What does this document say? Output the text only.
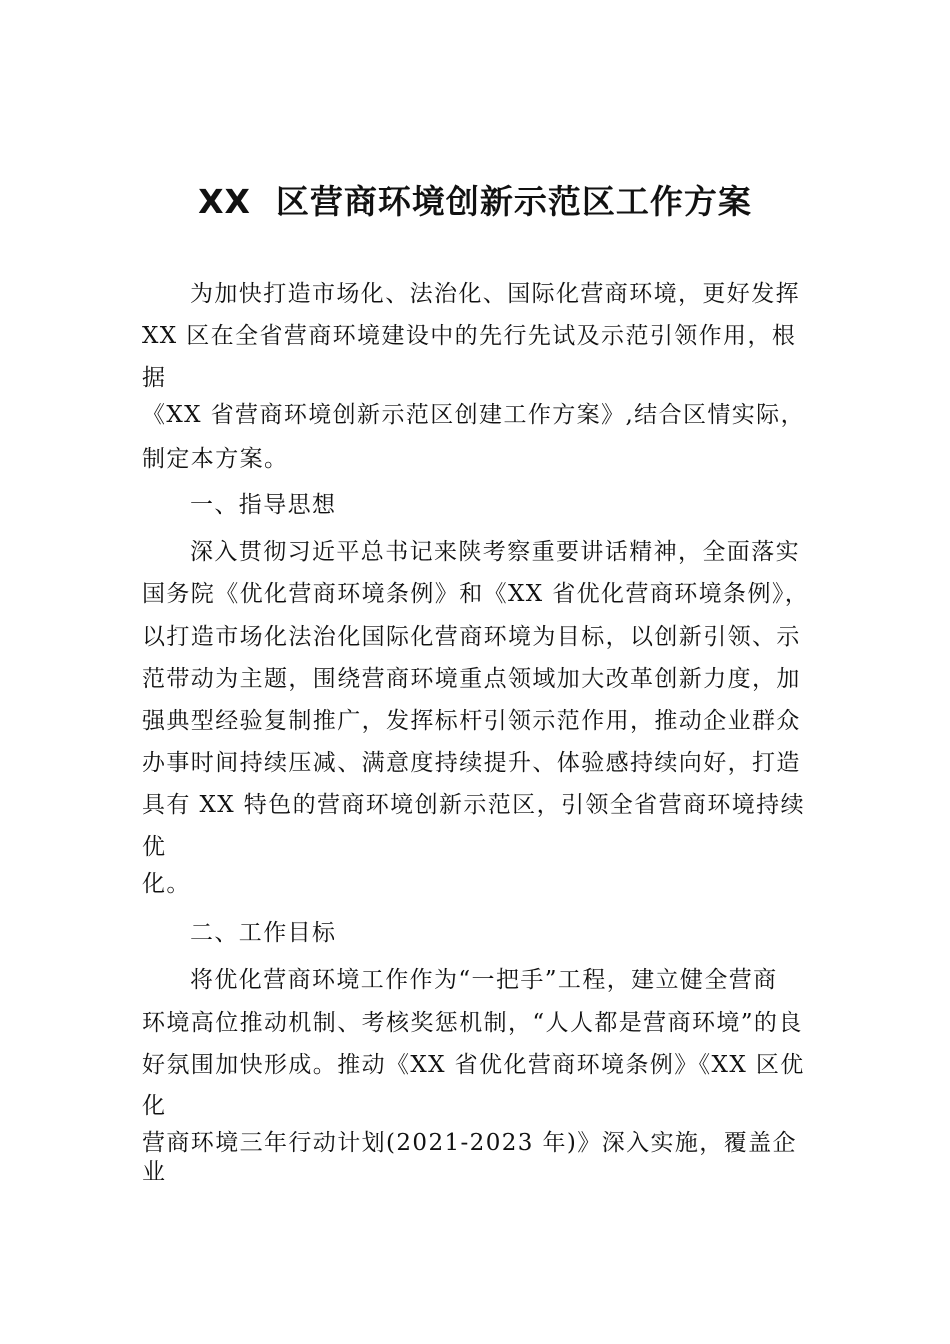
XX  区营商环境创新示范区工作方案
为加快打造市场化、法治化、国际化营商环境，更好发挥
XX 区在全省营商环境建设中的先行先试及示范引领作用，根
据
《XX 省营商环境创新示范区创建工作方案》,结合区情实际，
制定本方案。
一、指导思想
深入贯彻习近平总书记来陕考察重要讲话精神，全面落实
国务院《优化营商环境条例》和《XX 省优化营商环境条例》，
以打造市场化法治化国际化营商环境为目标，以创新引领、示
范带动为主题，围绕营商环境重点领域加大改革创新力度，加
强典型经验复制推广，发挥标杆引领示范作用，推动企业群众
办事时间持续压减、满意度持续提升、体验感持续向好，打造
具有 XX 特色的营商环境创新示范区，引领全省营商环境持续
优
化。
二、工作目标
将优化营商环境工作作为“一把手”工程，建立健全营商
环境高位推动机制、考核奖惩机制，“人人都是营商环境”的良
好氛围加快形成。推动《XX 省优化营商环境条例》《XX 区优
化
营商环境三年行动计划(2021-2023 年)》深入实施，覆盖企
业
